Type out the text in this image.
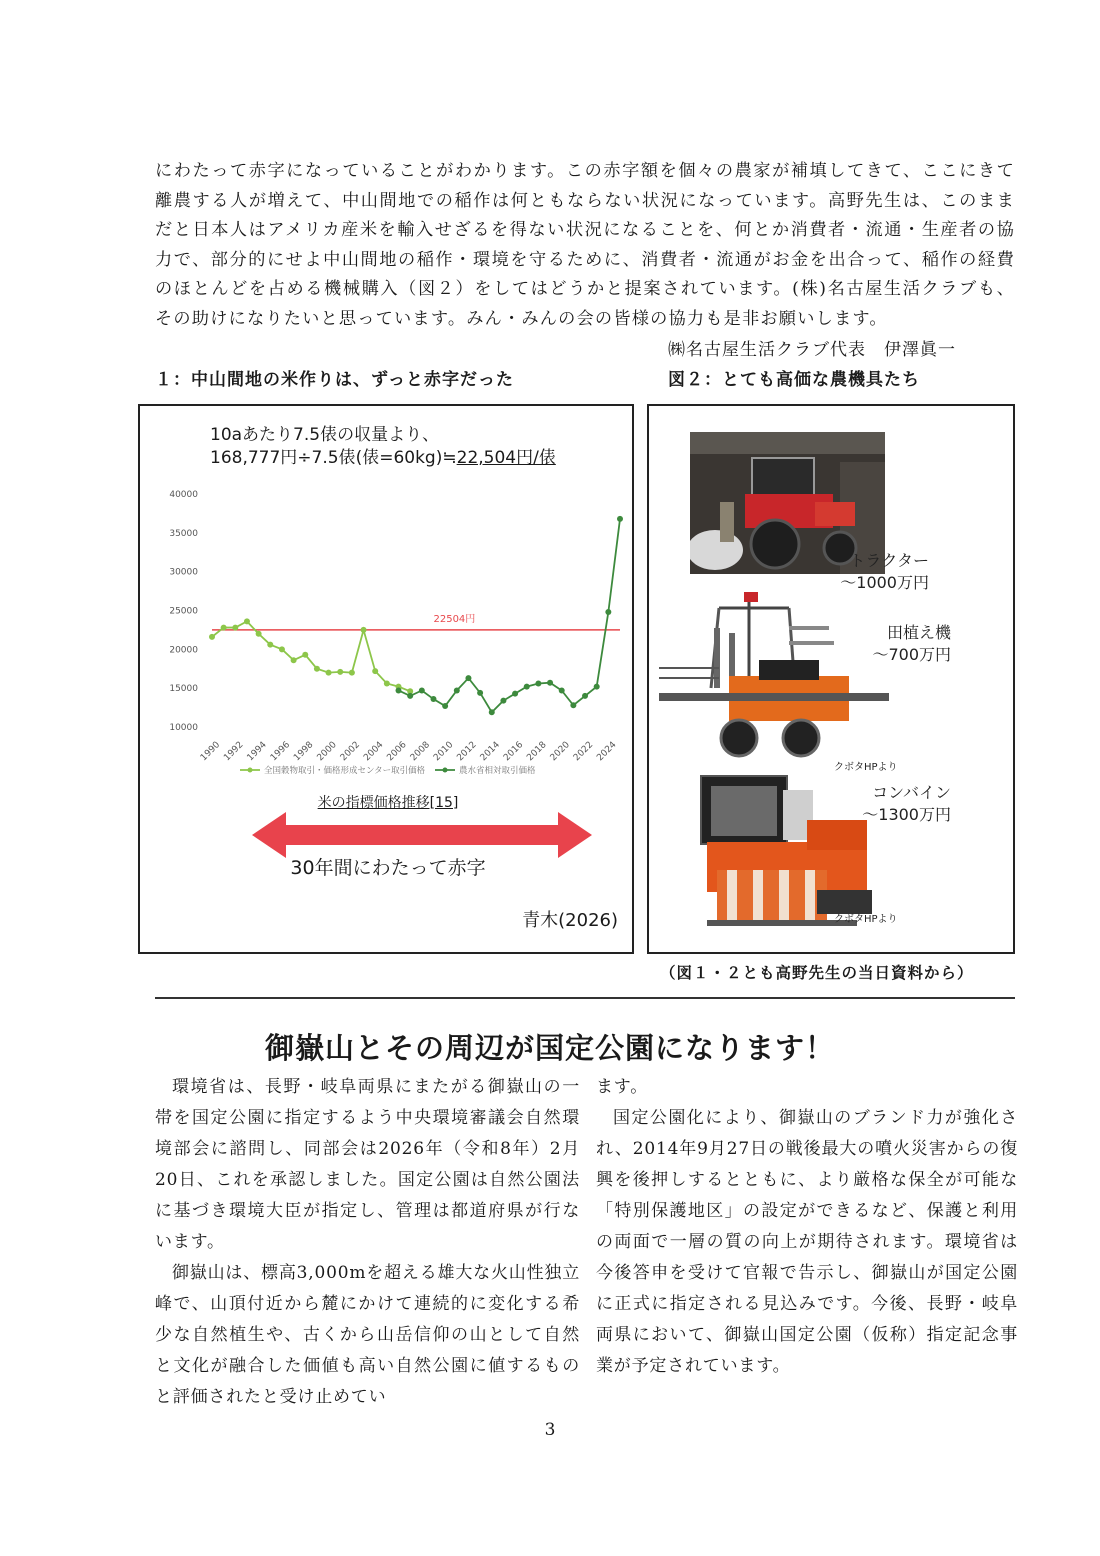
にわたって赤字になっていることがわかります。この赤字額を個々の農家が補填してきて、ここにきて離農する人が増えて、中山間地での稲作は何ともならない状況になっています。高野先生は、このままだと日本人はアメリカ産米を輸入せざるを得ない状況になることを、何とか消費者・流通・生産者の協力で、部分的にせよ中山間地の稲作・環境を守るために、消費者・流通がお金を出合って、稲作の経費のほとんどを占める機械購入（図２）をしてはどうかと提案されています。(株)名古屋生活クラブも、その助けになりたいと思っています。みん・みんの会の皆様の協力も是非お願いします。

㈱名古屋生活クラブ代表　伊澤眞一
１：中山間地の米作りは、ずっと赤字だった	図２：とても高価な農機具たち
10aあたり7.5俵の収量より、
168,777円÷7.5俵(俵=60kg)≒22,504円/俵
40000
35000
30000
25000
20000
15000
10000
1990 1992 1994 1996 1998 2000 2002 2004 2006 2008 2010 2012 2014 2016 2018 2020 2022 2024
22504円
全国穀物取引・価格形成センター取引価格	農水省相対取引価格
米の指標価格推移[15]
30年間にわたって赤字
青木(2026)
トラクター
～1000万円
田植え機
～700万円
クボタHPより
コンバイン
～1300万円
クボタHPより
（図１・２とも高野先生の当日資料から）
御嶽山とその周辺が国定公園になります！

環境省は、長野・岐阜両県にまたがる御嶽山の一帯を国定公園に指定するよう中央環境審議会自然環境部会に諮問し、同部会は2026年（令和8年）2月20日、これを承認しました。国定公園は自然公園法に基づき環境大臣が指定し、管理は都道府県が行ないます。

御嶽山は、標高3,000mを超える雄大な火山性独立峰で、山頂付近から麓にかけて連続的に変化する希少な自然植生や、古くから山岳信仰の山として自然と文化が融合した価値も高い自然公園に値するものと評価されたと受け止めてい

ます。

国定公園化により、御嶽山のブランド力が強化され、2014年9月27日の戦後最大の噴火災害からの復興を後押しするとともに、より厳格な保全が可能な「特別保護地区」の設定ができるなど、保護と利用の両面で一層の質の向上が期待されます。環境省は今後答申を受けて官報で告示し、御嶽山が国定公園に正式に指定される見込みです。今後、長野・岐阜両県において、御嶽山国定公園（仮称）指定記念事業が予定されています。

3
